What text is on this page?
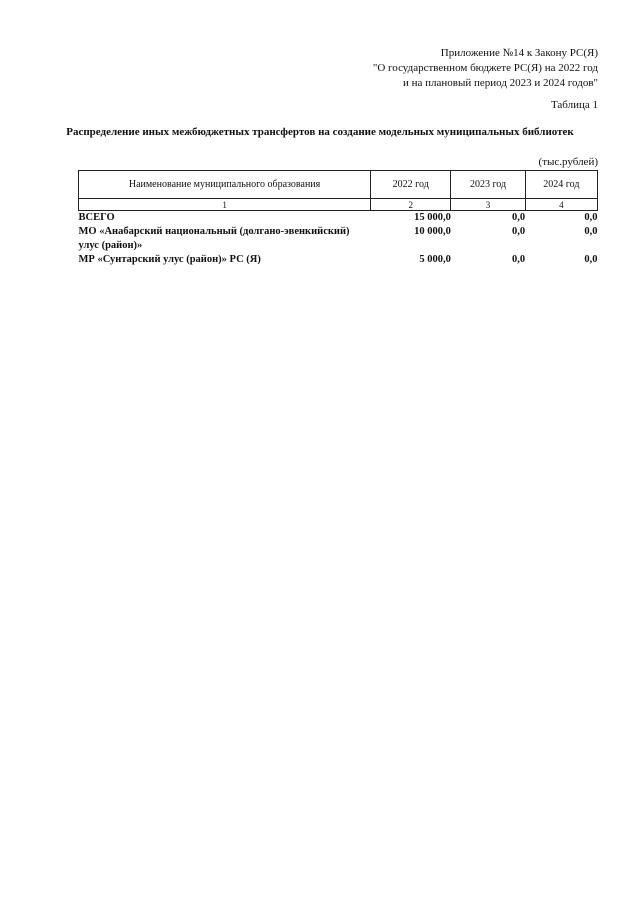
Приложение №14 к Закону РС(Я)
"О государственном бюджете РС(Я) на 2022 год
и на плановый период 2023 и 2024 годов"
Таблица 1
Распределение иных межбюджетных трансфертов на создание модельных муниципальных библиотек
(тыс.рублей)
Наименование муниципального образования	2022 год	2023 год	2024 год
1	2	3	4
ВСЕГО	15 000,0	0,0	0,0
МО «Анабарский национальный (долгано-эвенкийский) улус (район)»	10 000,0	0,0	0,0
МР «Сунтарский улус (район)» РС (Я)	5 000,0	0,0	0,0
